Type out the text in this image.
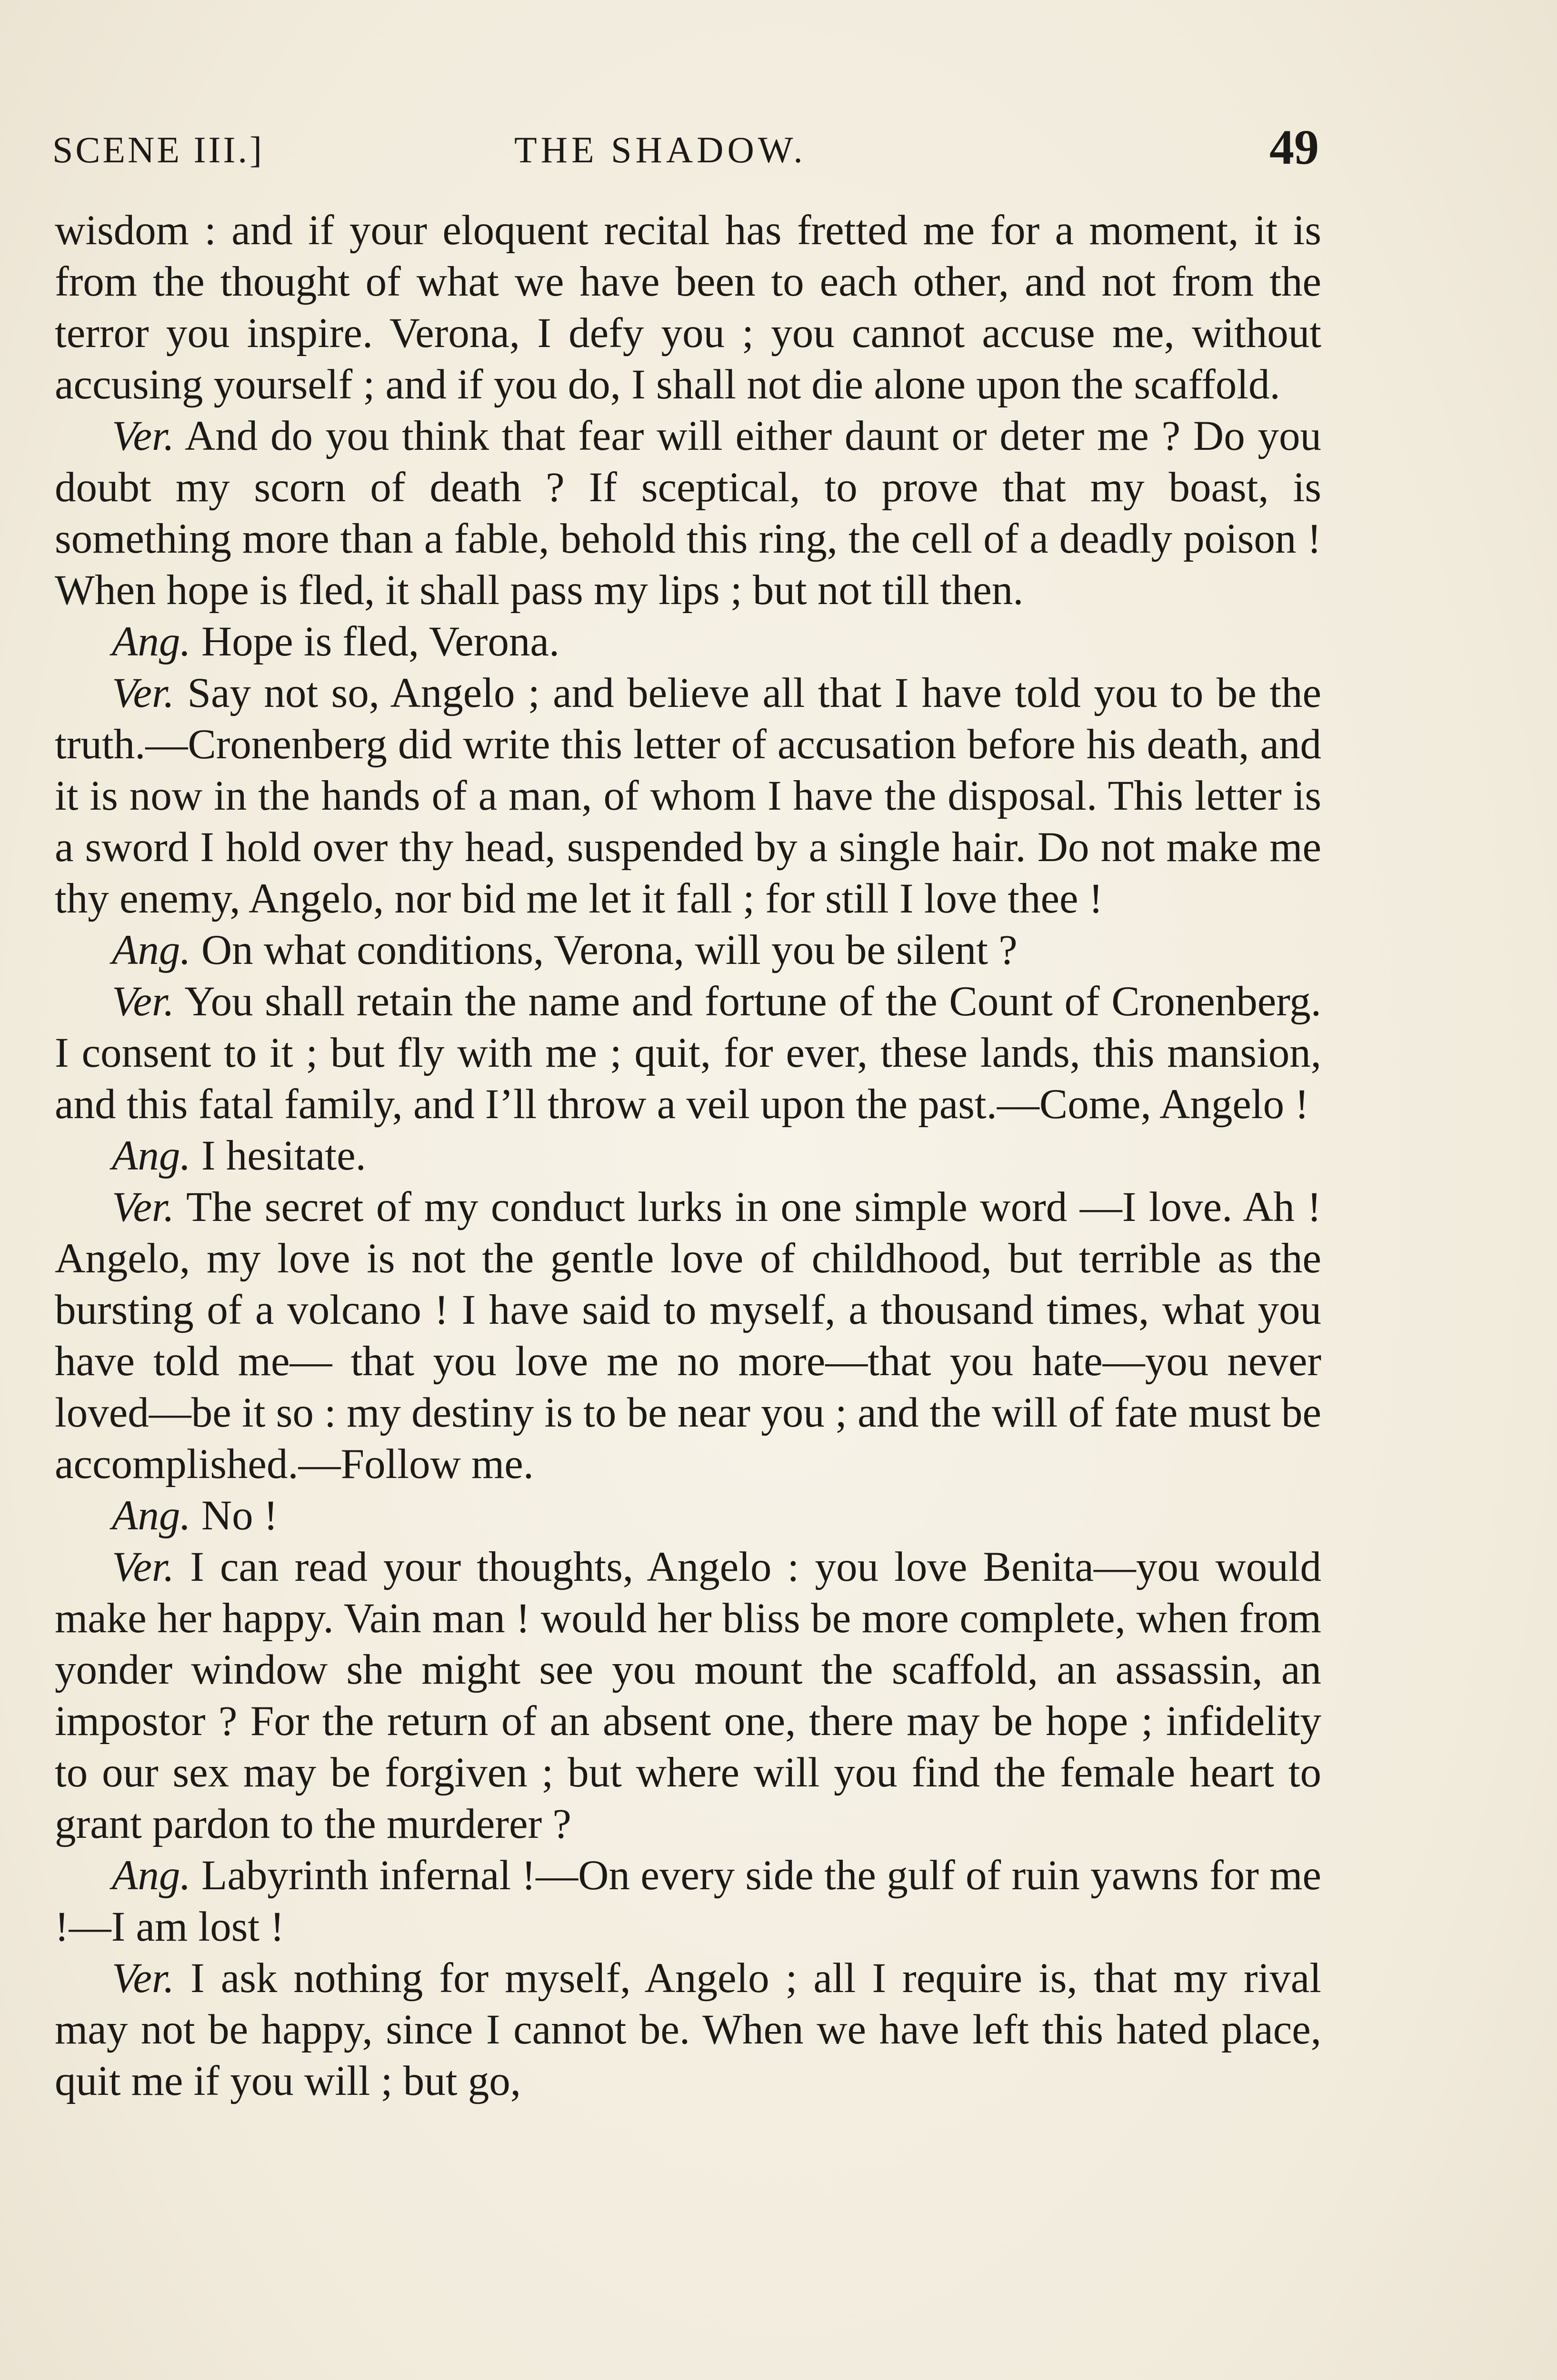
SCENE III.]	THE SHADOW.	49

wisdom : and if your eloquent recital has fretted me for a moment, it is from the thought of what we have been to each other, and not from the terror you inspire. Verona, I defy you ; you cannot accuse me, without accusing yourself ; and if you do, I shall not die alone upon the scaffold.

Ver. And do you think that fear will either daunt or deter me ? Do you doubt my scorn of death ? If sceptical, to prove that my boast, is something more than a fable, behold this ring, the cell of a deadly poison ! When hope is fled, it shall pass my lips ; but not till then.

Ang. Hope is fled, Verona.

Ver. Say not so, Angelo ; and believe all that I have told you to be the truth.—Cronenberg did write this letter of accusation before his death, and it is now in the hands of a man, of whom I have the disposal. This letter is a sword I hold over thy head, suspended by a single hair. Do not make me thy enemy, Angelo, nor bid me let it fall ; for still I love thee !

Ang. On what conditions, Verona, will you be silent ?

Ver. You shall retain the name and fortune of the Count of Cronenberg. I consent to it ; but fly with me ; quit, for ever, these lands, this mansion, and this fatal family, and I’ll throw a veil upon the past.—Come, Angelo !

Ang. I hesitate.

Ver. The secret of my conduct lurks in one simple word —I love. Ah ! Angelo, my love is not the gentle love of childhood, but terrible as the bursting of a volcano ! I have said to myself, a thousand times, what you have told me— that you love me no more—that you hate—you never loved—be it so : my destiny is to be near you ; and the will of fate must be accomplished.—Follow me.

Ang. No !

Ver. I can read your thoughts, Angelo : you love Benita—you would make her happy. Vain man ! would her bliss be more complete, when from yonder window she might see you mount the scaffold, an assassin, an impostor ? For the return of an absent one, there may be hope ; infidelity to our sex may be forgiven ; but where will you find the female heart to grant pardon to the murderer ?

Ang. Labyrinth infernal !—On every side the gulf of ruin yawns for me !—I am lost !

Ver. I ask nothing for myself, Angelo ; all I require is, that my rival may not be happy, since I cannot be. When we have left this hated place, quit me if you will ; but go,
